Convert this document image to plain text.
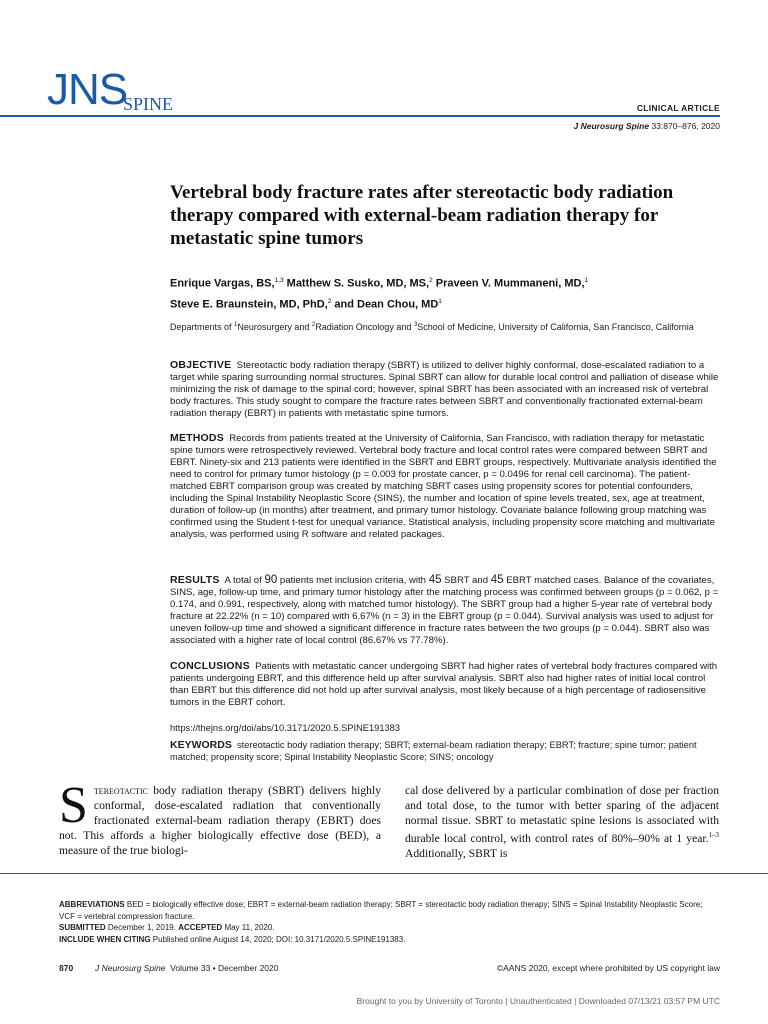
JNS
SPINE	CLINICAL ARTICLE
J Neurosurg Spine 33:870–876, 2020
Vertebral body fracture rates after stereotactic body radiation therapy compared with external-beam radiation therapy for metastatic spine tumors
Enrique Vargas, BS,$^{1,3}$ Matthew S. Susko, MD, MS,$^2$ Praveen V. Mummaneni, MD,$^1$
Steve E. Braunstein, MD, PhD,$^2$ and Dean Chou, $MD^1$
Departments of $^1$Neurosurgery and $^2$Radiation Oncology and $^3$School of Medicine, University of California, San Francisco, California
OBJECTIVE Stereotactic body radiation therapy (SBRT) is utilized to deliver highly conformal, dose-escalated radiation to a target while sparing surrounding normal structures. Spinal SBRT can allow for durable local control and palliation of disease while minimizing the risk of damage to the spinal cord; however, spinal SBRT has been associated with an increased risk of vertebral body fractures. This study sought to compare the fracture rates between SBRT and conventionally fractionated external-beam radiation therapy (EBRT) in patients with metastatic spine tumors.
METHODS Records from patients treated at the University of California, San Francisco, with radiation therapy for metastatic spine tumors were retrospectively reviewed. Vertebral body fracture and local control rates were compared between SBRT and EBRT. Ninety-six and 213 patients were identified in the SBRT and EBRT groups, respectively. Multivariate analysis identified the need to control for primary tumor histology (p = 0.003 for prostate cancer, p = 0.0496 for renal cell carcinoma). The patient-matched EBRT comparison group was created by matching SBRT cases using propensity scores for potential confounders, including the Spinal Instability Neoplastic Score (SINS), the number and location of spine levels treated, sex, age at treatment, duration of follow-up (in months) after treatment, and primary tumor histology. Covariate balance following group matching was confirmed using the Student t-test for unequal variance. Statistical analysis, including propensity score matching and multivariate analysis, was performed using R software and related packages.
RESULTS A total of 90 patients met inclusion criteria, with 45 SBRT and 45 EBRT matched cases. Balance of the covariates, SINS, age, follow-up time, and primary tumor histology after the matching process was confirmed between groups (p = 0.062, p = 0.174, and 0.991, respectively, along with matched tumor histology). The SBRT group had a higher 5-year rate of vertebral body fracture at 22.22% (n = 10) compared with 6.67% (n = 3) in the EBRT group (p = 0.044). Survival analysis was used to adjust for uneven follow-up time and showed a significant difference in fracture rates between the two groups (p = 0.044). SBRT also was associated with a higher rate of local control (86.67% vs 77.78%).
CONCLUSIONS Patients with metastatic cancer undergoing SBRT had higher rates of vertebral body fractures compared with patients undergoing EBRT, and this difference held up after survival analysis. SBRT also had higher rates of initial local control than EBRT but this difference did not hold up after survival analysis, most likely because of a high percentage of radiosensitive tumors in the EBRT cohort.
https://thejns.org/doi/abs/10.3171/2020.5.SPINE191383
KEYWORDS stereotactic body radiation therapy; SBRT; external-beam radiation therapy; EBRT; fracture; spine tumor; patient matched; propensity score; Spinal Instability Neoplastic Score; SINS; oncology
Stereotactic body radiation therapy (SBRT) delivers highly conformal, dose-escalated radiation that conventionally fractionated external-beam radiation therapy (EBRT) does not. This affords a higher biologically effective dose (BED), a measure of the true biologi-
cal dose delivered by a particular combination of dose per fraction and total dose, to the tumor with better sparing of the adjacent normal tissue. SBRT to metastatic spine lesions is associated with durable local control, with control rates of 80%–90% at 1 year.$^{1-3}$ Additionally, SBRT is
ABBREVIATIONS BED = biologically effective dose; EBRT = external-beam radiation therapy; SBRT = stereotactic body radiation therapy; SINS = Spinal Instability Neoplastic Score; VCF = vertebral compression fracture.
SUBMITTED December 1, 2019. ACCEPTED May 11, 2020.
INCLUDE WHEN CITING Published online August 14, 2020; DOI: 10.3171/2020.5.SPINE191383.
870	J Neurosurg Spine Volume 33 • December 2020	©AANS 2020, except where prohibited by US copyright law
Brought to you by University of Toronto | Unauthenticated | Downloaded 07/13/21 03:57 PM UTC
